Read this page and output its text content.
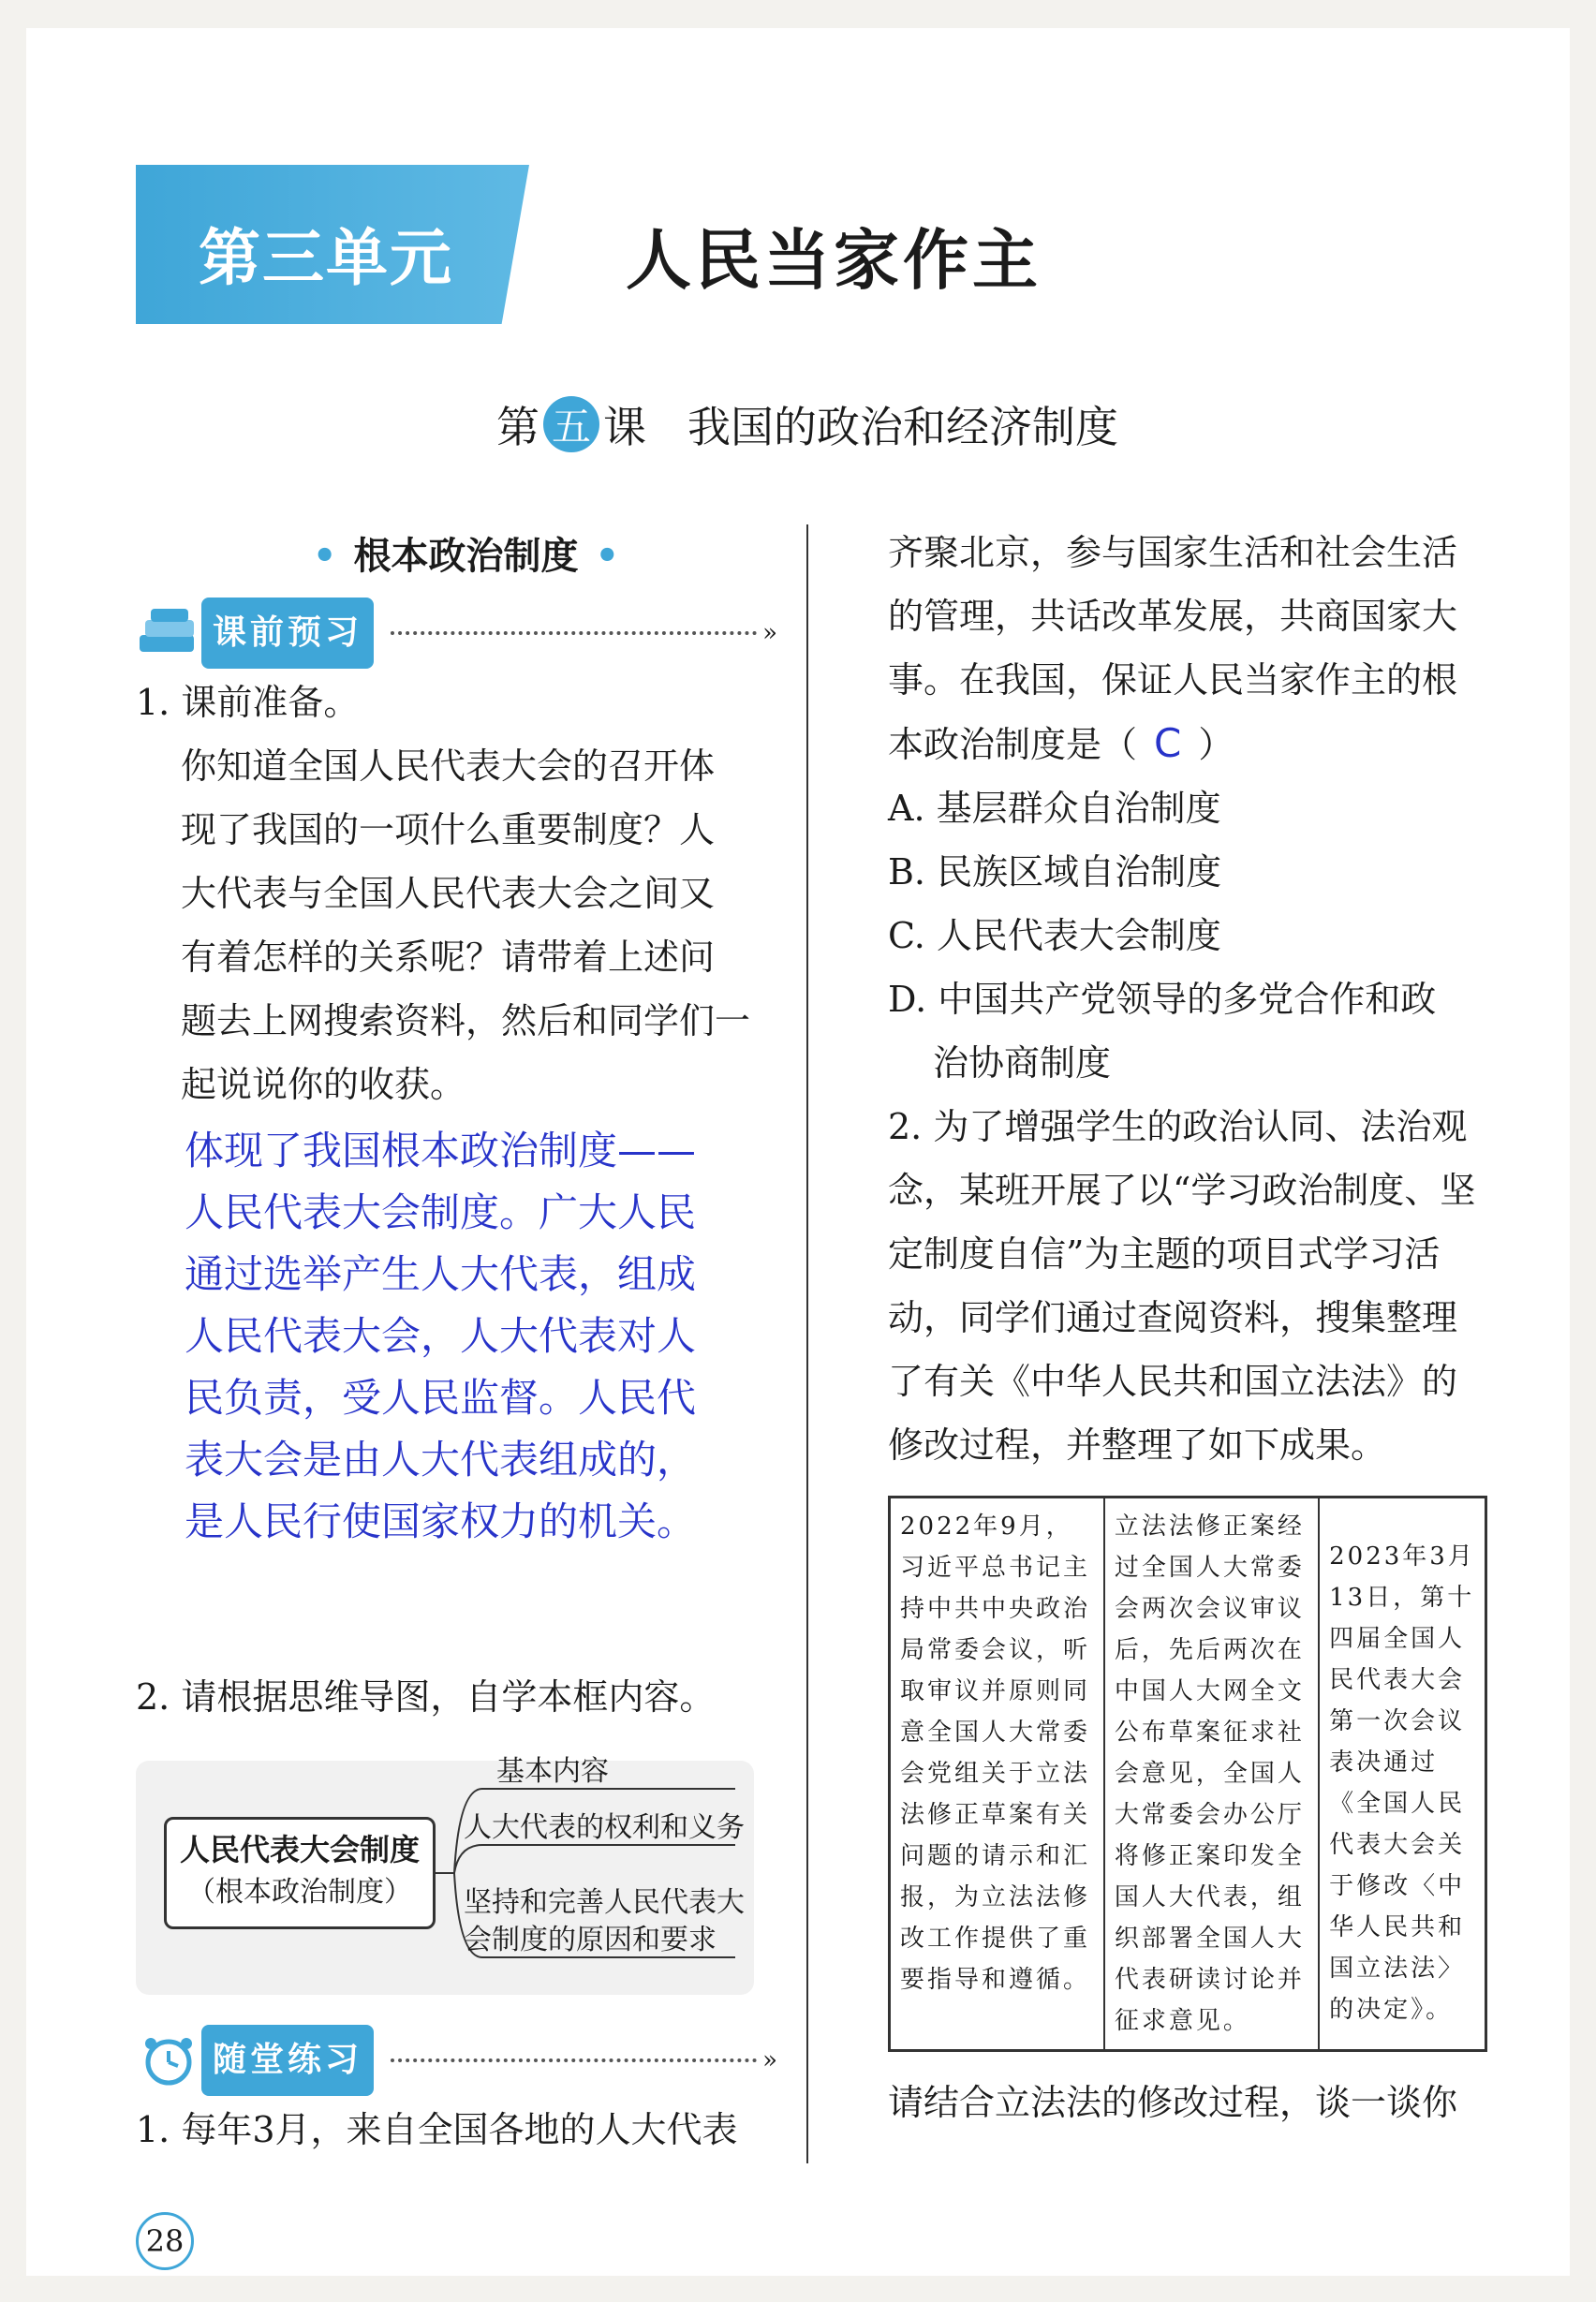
第三单元	人民当家作主
第 五 课 我国的政治和经济制度
• 根本政治制度 •
课前预习	»

1. 课前准备。

你知道全国人民代表大会的召开体
现了我国的一项什么重要制度？人
大代表与全国人民代表大会之间又
有着怎样的关系呢？请带着上述问
题去上网搜索资料，然后和同学们一
起说说你的收获。
体现了我国根本政治制度——
人民代表大会制度。广大人民
通过选举产生人大代表，组成
人民代表大会，人大代表对人
民负责，受人民监督。人民代
表大会是由人大代表组成的，
是人民行使国家权力的机关。

2. 请根据思维导图，自学本框内容。

人民代表大会制度
（根本政治制度）
基本内容
人大代表的权利和义务
坚持和完善人民代表大
会制度的原因和要求
随堂练习	»

1. 每年3月，来自全国各地的人大代表

齐聚北京，参与国家生活和社会生活
的管理，共话改革发展，共商国家大
事。在我国，保证人民当家作主的根
本政治制度是（ C ）
A. 基层群众自治制度
B. 民族区域自治制度
C. 人民代表大会制度
D. 中国共产党领导的多党合作和政
治协商制度
2. 为了增强学生的政治认同、法治观
念，某班开展了以“学习政治制度、坚
定制度自信”为主题的项目式学习活
动，同学们通过查阅资料，搜集整理
了有关《中华人民共和国立法法》的
修改过程，并整理了如下成果。
2022年9月，习近平总书记主持中共中央政治局常委会议，听取审议并原则同意全国人大常委会党组关于立法法修正草案有关问题的请示和汇报，为立法法修改工作提供了重要指导和遵循。	立法法修正案经过全国人大常委会两次会议审议后，先后两次在中国人大网全文公布草案征求社会意见，全国人大常委会办公厅将修正案印发全国人大代表，组织部署全国人大代表研读讨论并征求意见。	2023年3月13日，第十四届全国人民代表大会第一次会议表决通过《全国人民代表大会关于修改〈中华人民共和国立法法〉的决定》。
请结合立法法的修改过程，谈一谈你
28
